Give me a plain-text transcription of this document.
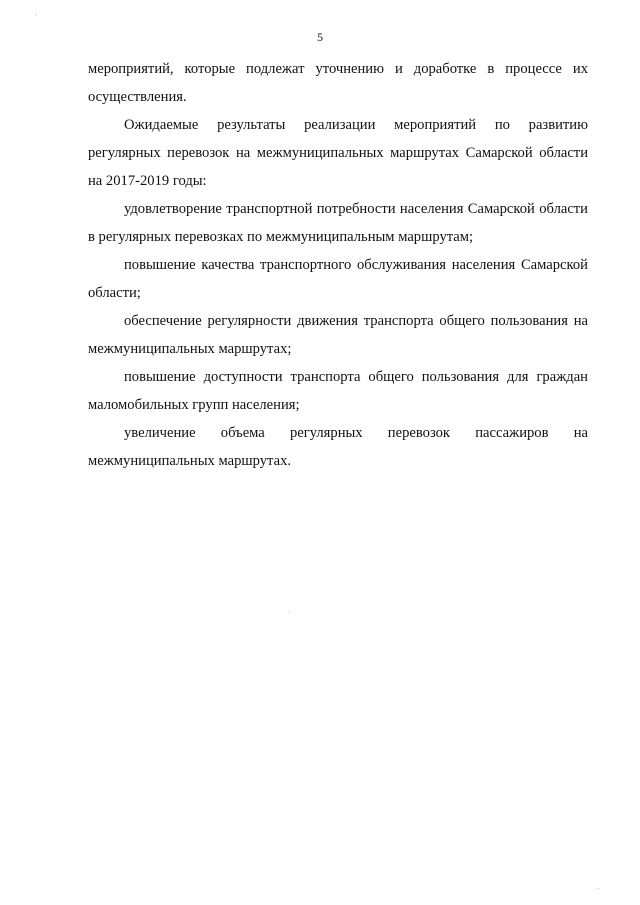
5

мероприятий, которые подлежат уточнению и доработке в процессе их осуществления.

Ожидаемые результаты реализации мероприятий по развитию регулярных перевозок на межмуниципальных маршрутах Самарской области на 2017-2019 годы:

удовлетворение транспортной потребности населения Самарской области в регулярных перевозках по межмуниципальным маршрутам;

повышение качества транспортного обслуживания населения Самарской области;

обеспечение регулярности движения транспорта общего пользования на межмуниципальных маршрутах;

повышение доступности транспорта общего пользования для граждан маломобильных групп населения;

увеличение объема регулярных перевозок пассажиров на межмуниципальных маршрутах.
